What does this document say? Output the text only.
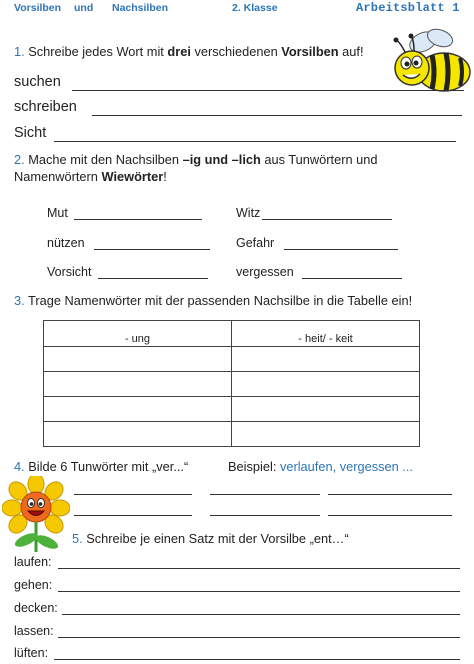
Vorsilben und Nachsilben	2. Klasse	Arbeitsblatt 1
1. Schreibe jedes Wort mit drei verschiedenen Vorsilben auf!
suchen
schreiben
Sicht
2. Mache mit den Nachsilben –ig und –lich aus Tunwörtern und
Namenwörtern Wiewörter!
Mut	Witz
nützen	Gefahr
Vorsicht	vergessen
3. Trage Namenwörter mit der passenden Nachsilbe in die Tabelle ein!
- ung	- heit/ - keit

4. Bilde 6 Tunwörter mit „ver...“	Beispiel: verlaufen, vergessen ...
5. Schreibe je einen Satz mit der Vorsilbe „ent…“
laufen:
gehen:
decken:
lassen:
lüften:
